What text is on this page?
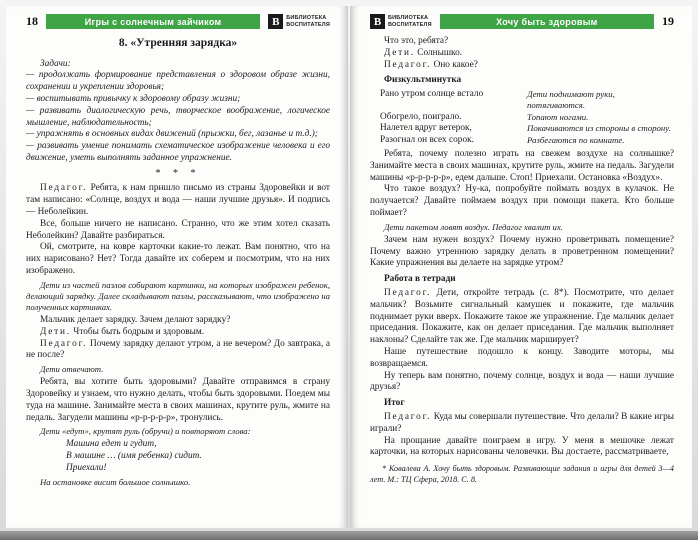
18	Игры с солнечным зайчиком	В	БИБЛИОТЕКА
ВОСПИТАТЕЛЯ
8. «Утренняя зарядка»
Задачи:
— продолжать формирование представления о здоровом образе жизни, сохранении и укреплении здоровья;
— воспитывать привычку к здоровому образу жизни;
— развивать диалогическую речь, творческое воображение, логическое мышление, наблюдательность;
— упражнять в основных видах движений (прыжки, бег, лазанье и т.д.);
— развивать умение понимать схематическое изображение человека и его движение, уметь выполнять заданное упражнение.
* * *

Педагог. Ребята, к нам пришло письмо из страны Здоровейки и вот там написано: «Солнце, воздух и вода — наши лучшие друзья». И подпись — Неболейкин.

Все, больше ничего не написано. Странно, что же этим хотел сказать Неболейкин? Давайте разбираться.

Ой, смотрите, на ковре карточки какие-то лежат. Вам понятно, что на них нарисовано? Нет? Тогда давайте их соберем и посмотрим, что на них изображено.

Дети из частей пазлов собирают картинки, на которых изображен ребенок, делающий зарядку. Далее складывают пазлы, рассказывают, что изображено на полученных картинках.

Мальчик делает зарядку. Зачем делают зарядку?

Дети. Чтобы быть бодрым и здоровым.

Педагог. Почему зарядку делают утром, а не вечером? До завтрака, а не после?

Дети отвечают.

Ребята, вы хотите быть здоровыми? Давайте отправимся в страну Здоровейку и узнаем, что нужно делать, чтобы быть здоровыми. Поедем мы туда на машине. Занимайте места в своих машинах, крутите руль, жмите на педаль. Загудели машины «р-р-р-р-р», тронулись.

Дети «едут», крутят руль (обручи) и повторяют слова:
Машина едет и гудит,
В машине … (имя ребенка) сидит.
Приехали!
На остановке висит большое солнышко.
В	БИБЛИОТЕКА
ВОСПИТАТЕЛЯ	Хочу быть здоровым	19

Что это, ребята?

Дети. Солнышко.

Педагог. Оно какое?

Физкультминутка
Рано утром солнце встало	Дети поднимают руки, потягиваются.
Обогрело, поиграло.	Топают ногами.
Налетел вдруг ветерок,	Покачиваются из стороны в сторону.
Разогнал он всех сорок.	Разбегаются по комнате.

Ребята, почему полезно играть на свежем воздухе на солнышке? Занимайте места в своих машинах, крутите руль, жмите на педаль. Загудели машины «р-р-р-р-р», едем дальше. Стоп! Приехали. Остановка «Воздух».

Что такое воздух? Ну-ка, попробуйте поймать воздух в кулачок. Не получается? Давайте поймаем воздух при помощи пакета. Кто больше поймает?

Дети пакетом ловят воздух. Педагог хвалит их.

Зачем нам нужен воздух? Почему нужно проветривать помещение? Почему важно утреннюю зарядку делать в проветренном помещении? Какие упражнения вы делаете на зарядке утром?

Работа в тетради

Педагог. Дети, откройте тетрадь (с. 8*). Посмотрите, что делает мальчик? Возьмите сигнальный камушек и покажите, где мальчик поднимает руки вверх. Покажите такое же упражнение. Где мальчик делает приседания. Покажите, как он делает приседания. Где мальчик выполняет наклоны? Сделайте так же. Где мальчик марширует?

Наше путешествие подошло к концу. Заводите моторы, мы возвращаемся.

Ну теперь вам понятно, почему солнце, воздух и вода — наши лучшие друзья?

Итог

Педагог. Куда мы совершали путешествие. Что делали? В какие игры играли?

На прощание давайте поиграем в игру. У меня в мешочке лежат карточки, на которых нарисованы человечки. Вы достаете, рассматриваете,

* Ковалева А. Хочу быть здоровым. Развивающие задания и игры для детей 3—4 лет. М.: ТЦ Сфера, 2018. С. 8.
